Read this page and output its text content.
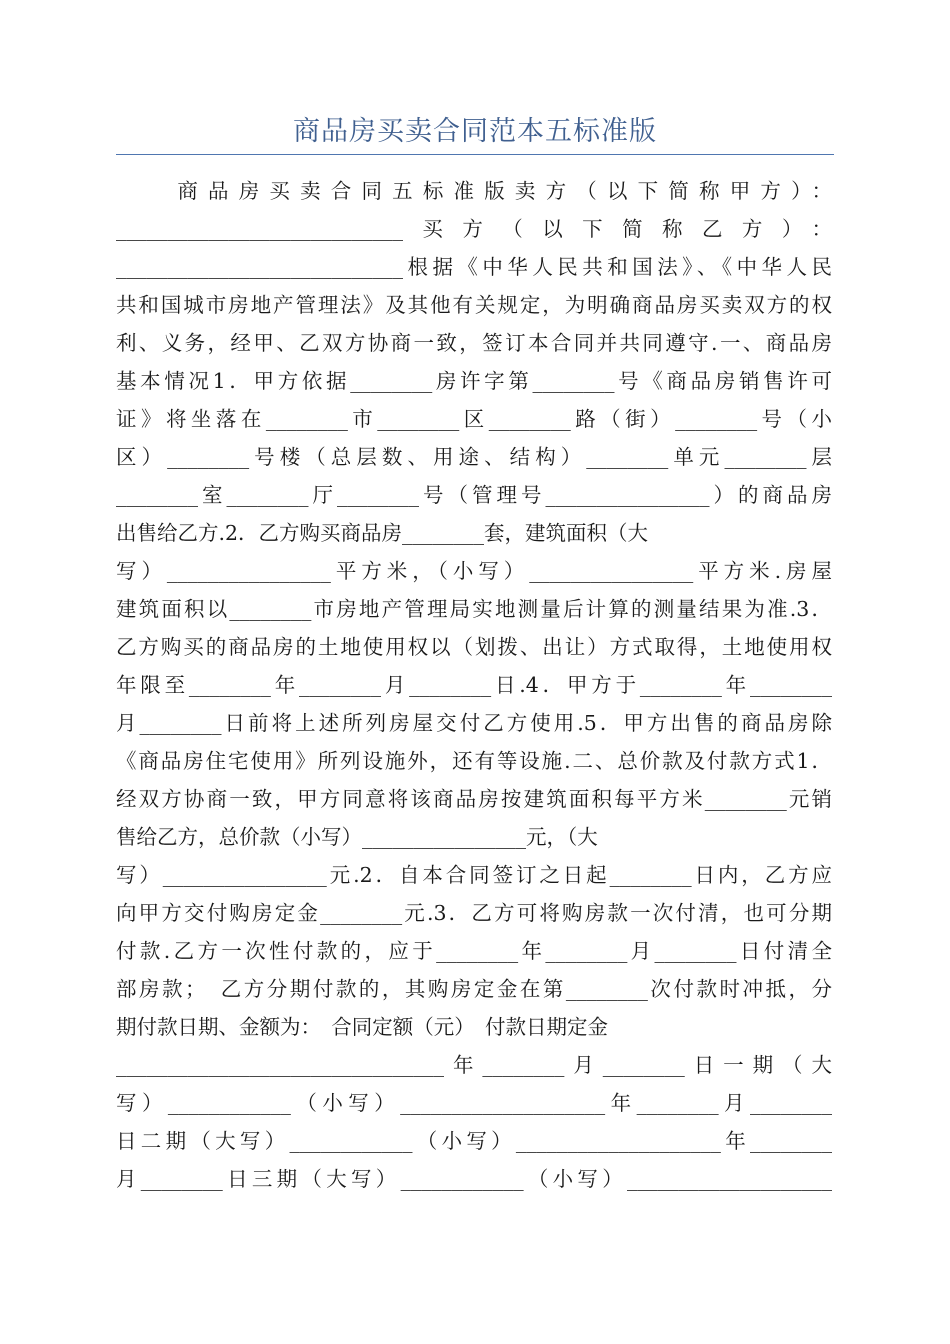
商品房买卖合同范本五标准版
　　商品房买卖合同五标准版卖方（以下简称甲方）：
____________________________买方（以下简称乙方）：
____________________________根据《中华人民共和国法》、《中华人民
共和国城市房地产管理法》及其他有关规定，为明确商品房买卖双方的权
利、义务，经甲、乙双方协商一致，签订本合同并共同遵守.一、商品房
基本情况1．甲方依据________房许字第________号《商品房销售许可
证》将坐落在________市________区________路（街）________号（小
区）________号楼（总层数、用途、结构）________单元________层
________室________厅________号（管理号________________）的商品房
出售给乙方.2．乙方购买商品房________套，建筑面积（大
写）________________平方米，（小写）________________平方米.房屋
建筑面积以________市房地产管理局实地测量后计算的测量结果为准.3．
乙方购买的商品房的土地使用权以（划拨、出让）方式取得，土地使用权
年限至________年________月________日.4．甲方于________年________
月________日前将上述所列房屋交付乙方使用.5．甲方出售的商品房除
《商品房住宅使用》所列设施外，还有等设施.二、总价款及付款方式1．
经双方协商一致，甲方同意将该商品房按建筑面积每平方米________元销
售给乙方，总价款（小写）________________元，（大
写）________________元.2．自本合同签订之日起________日内，乙方应
向甲方交付购房定金________元.3．乙方可将购房款一次付清，也可分期
付款.乙方一次性付款的，应于________年________月________日付清全
部房款；　乙方分期付款的，其购房定金在第________次付款时冲抵，分
期付款日期、金额为：　合同定额（元）　付款日期定金
________________________________年________月________日一期（大
写）____________（小写）____________________年________月________
日二期（大写）____________（小写）____________________年________
月________日三期（大写）____________（小写）____________________
